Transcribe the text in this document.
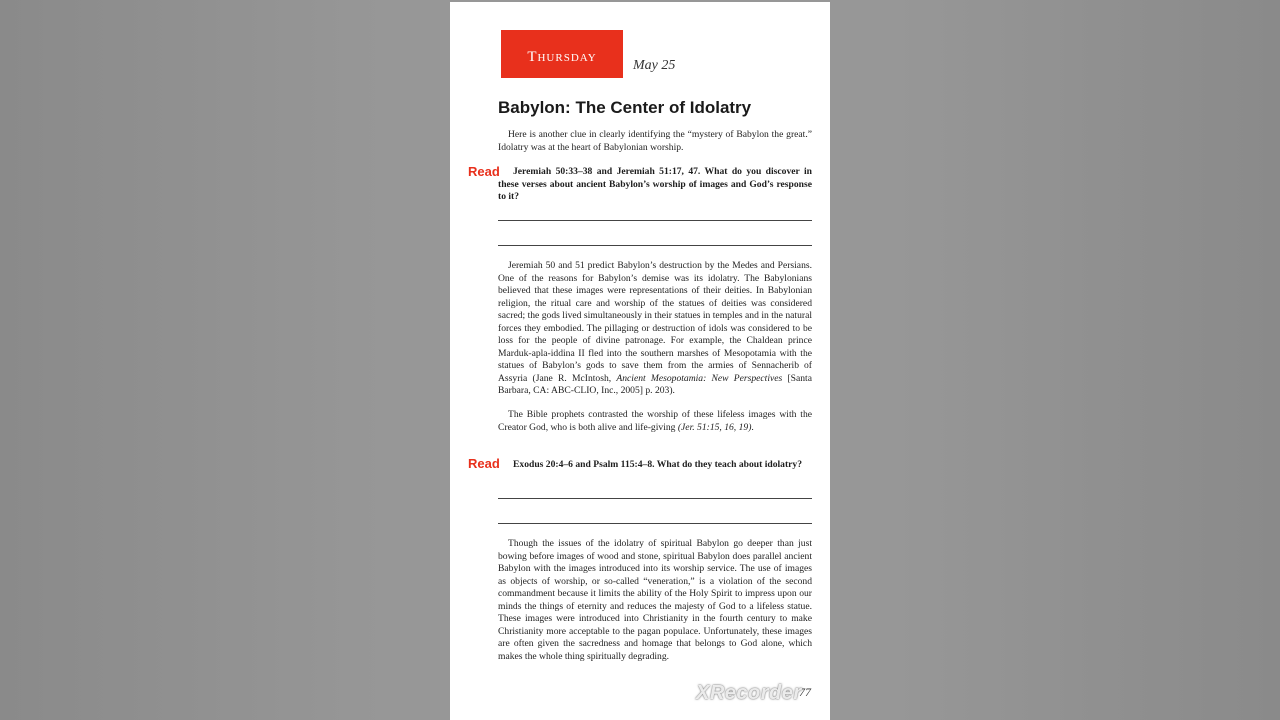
Thursday
May 25
Babylon: The Center of Idolatry

Here is another clue in clearly identifying the “mystery of Babylon the great.” Idolatry was at the heart of Babylonian worship.

Read	Jeremiah 50:33–38 and Jeremiah 51:17, 47. What do you discover in these verses about ancient Babylon’s worship of images and God’s response to it?

Jeremiah 50 and 51 predict Babylon’s destruction by the Medes and Persians. One of the reasons for Babylon’s demise was its idolatry. The Babylonians believed that these images were representations of their deities. In Babylonian religion, the ritual care and worship of the statues of deities was considered sacred; the gods lived simultaneously in their statues in temples and in the natural forces they embodied. The pillaging or destruction of idols was considered to be loss for the people of divine patronage. For example, the Chaldean prince Marduk-apla-iddina II fled into the southern marshes of Mesopotamia with the statues of Babylon’s gods to save them from the armies of Sennacherib of Assyria (Jane R. McIntosh, Ancient Mesopotamia: New Perspectives [Santa Barbara, CA: ABC-CLIO, Inc., 2005] p. 203).

The Bible prophets contrasted the worship of these lifeless images with the Creator God, who is both alive and life-giving (Jer. 51:15, 16, 19).

Read	Exodus 20:4–6 and Psalm 115:4–8. What do they teach about idolatry?

Though the issues of the idolatry of spiritual Babylon go deeper than just bowing before images of wood and stone, spiritual Babylon does parallel ancient Babylon with the images introduced into its worship service. The use of images as objects of worship, or so-called “veneration,” is a violation of the second commandment because it limits the ability of the Holy Spirit to impress upon our minds the things of eternity and reduces the majesty of God to a lifeless statue. These images were introduced into Christianity in the fourth century to make Christianity more acceptable to the pagan populace. Unfortunately, these images are often given the sacredness and homage that belongs to God alone, which makes the whole thing spiritually degrading.

77
XRecorder
